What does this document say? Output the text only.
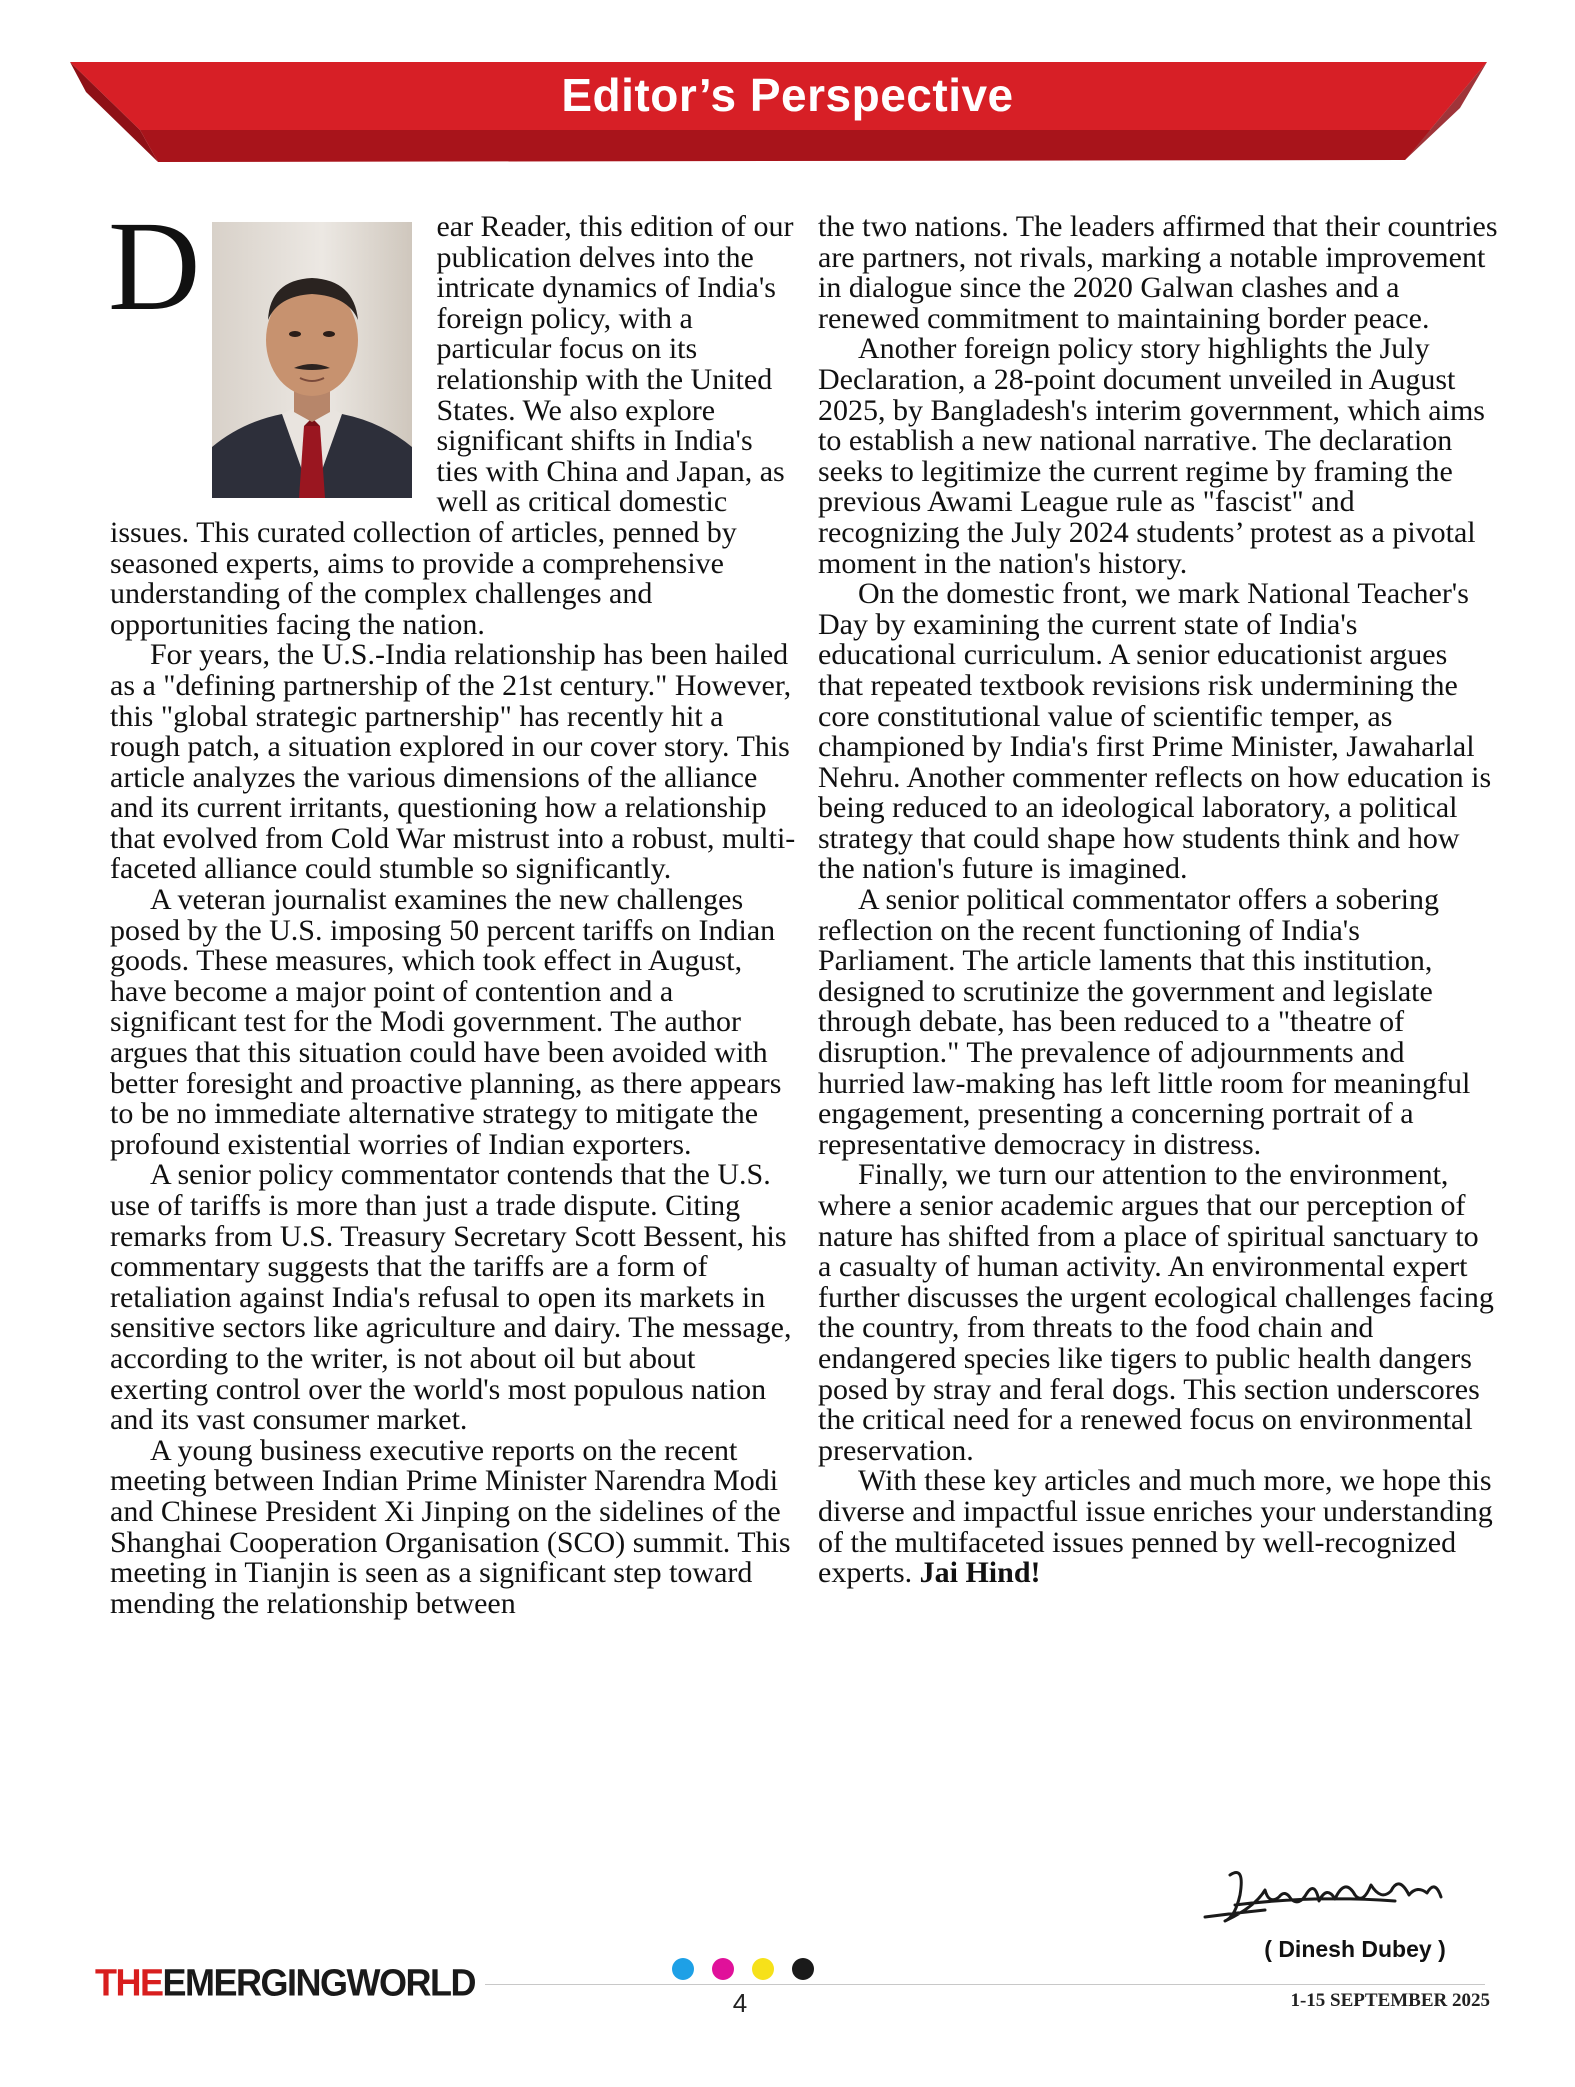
Editor’s Perspective

D	ear Reader, this edition of our publication delves into the intricate dynamics of India's foreign policy, with a particular focus on its relationship with the United States. We also explore significant shifts in India's ties with China and Japan, as well as critical domestic issues. This curated collection of articles, penned by seasoned experts, aims to provide a comprehensive understanding of the complex challenges and opportunities facing the nation.

For years, the U.S.-India relationship has been hailed as a "defining partnership of the 21st century." However, this "global strategic partnership" has recently hit a rough patch, a situation explored in our cover story. This article analyzes the various dimensions of the alliance and its current irritants, questioning how a relationship that evolved from Cold War mistrust into a robust, multi-faceted alliance could stumble so significantly.

A veteran journalist examines the new challenges posed by the U.S. imposing 50 percent tariffs on Indian goods. These measures, which took effect in August, have become a major point of contention and a significant test for the Modi government. The author argues that this situation could have been avoided with better foresight and proactive planning, as there appears to be no immediate alternative strategy to mitigate the profound existential worries of Indian exporters.

A senior policy commentator contends that the U.S. use of tariffs is more than just a trade dispute. Citing remarks from U.S. Treasury Secretary Scott Bessent, his commentary suggests that the tariffs are a form of retaliation against India's refusal to open its markets in sensitive sectors like agriculture and dairy. The message, according to the writer, is not about oil but about exerting control over the world's most populous nation and its vast consumer market.

A young business executive reports on the recent meeting between Indian Prime Minister Narendra Modi and Chinese President Xi Jinping on the sidelines of the Shanghai Cooperation Organisation (SCO) summit. This meeting in Tianjin is seen as a significant step toward mending the relationship between

the two nations. The leaders affirmed that their countries are partners, not rivals, marking a notable improvement in dialogue since the 2020 Galwan clashes and a renewed commitment to maintaining border peace.

Another foreign policy story highlights the July Declaration, a 28-point document unveiled in August 2025, by Bangladesh's interim government, which aims to establish a new national narrative. The declaration seeks to legitimize the current regime by framing the previous Awami League rule as "fascist" and recognizing the July 2024 students’ protest as a pivotal moment in the nation's history.

On the domestic front, we mark National Teacher's Day by examining the current state of India's educational curriculum. A senior educationist argues that repeated textbook revisions risk undermining the core constitutional value of scientific temper, as championed by India's first Prime Minister, Jawaharlal Nehru. Another commenter reflects on how education is being reduced to an ideological laboratory, a political strategy that could shape how students think and how the nation's future is imagined.

A senior political commentator offers a sobering reflection on the recent functioning of India's Parliament. The article laments that this institution, designed to scrutinize the government and legislate through debate, has been reduced to a "theatre of disruption." The prevalence of adjournments and hurried law-making has left little room for meaningful engagement, presenting a concerning portrait of a representative democracy in distress.

Finally, we turn our attention to the environment, where a senior academic argues that our perception of nature has shifted from a place of spiritual sanctuary to a casualty of human activity. An environmental expert further discusses the urgent ecological challenges facing the country, from threats to the food chain and endangered species like tigers to public health dangers posed by stray and feral dogs. This section underscores the critical need for a renewed focus on environmental preservation.

With these key articles and much more, we hope this diverse and impactful issue enriches your understanding of the multifaceted issues penned by well-recognized experts. Jai Hind!

( Dinesh Dubey )
THEEMERGINGWORLD	4	1-15 SEPTEMBER 2025
